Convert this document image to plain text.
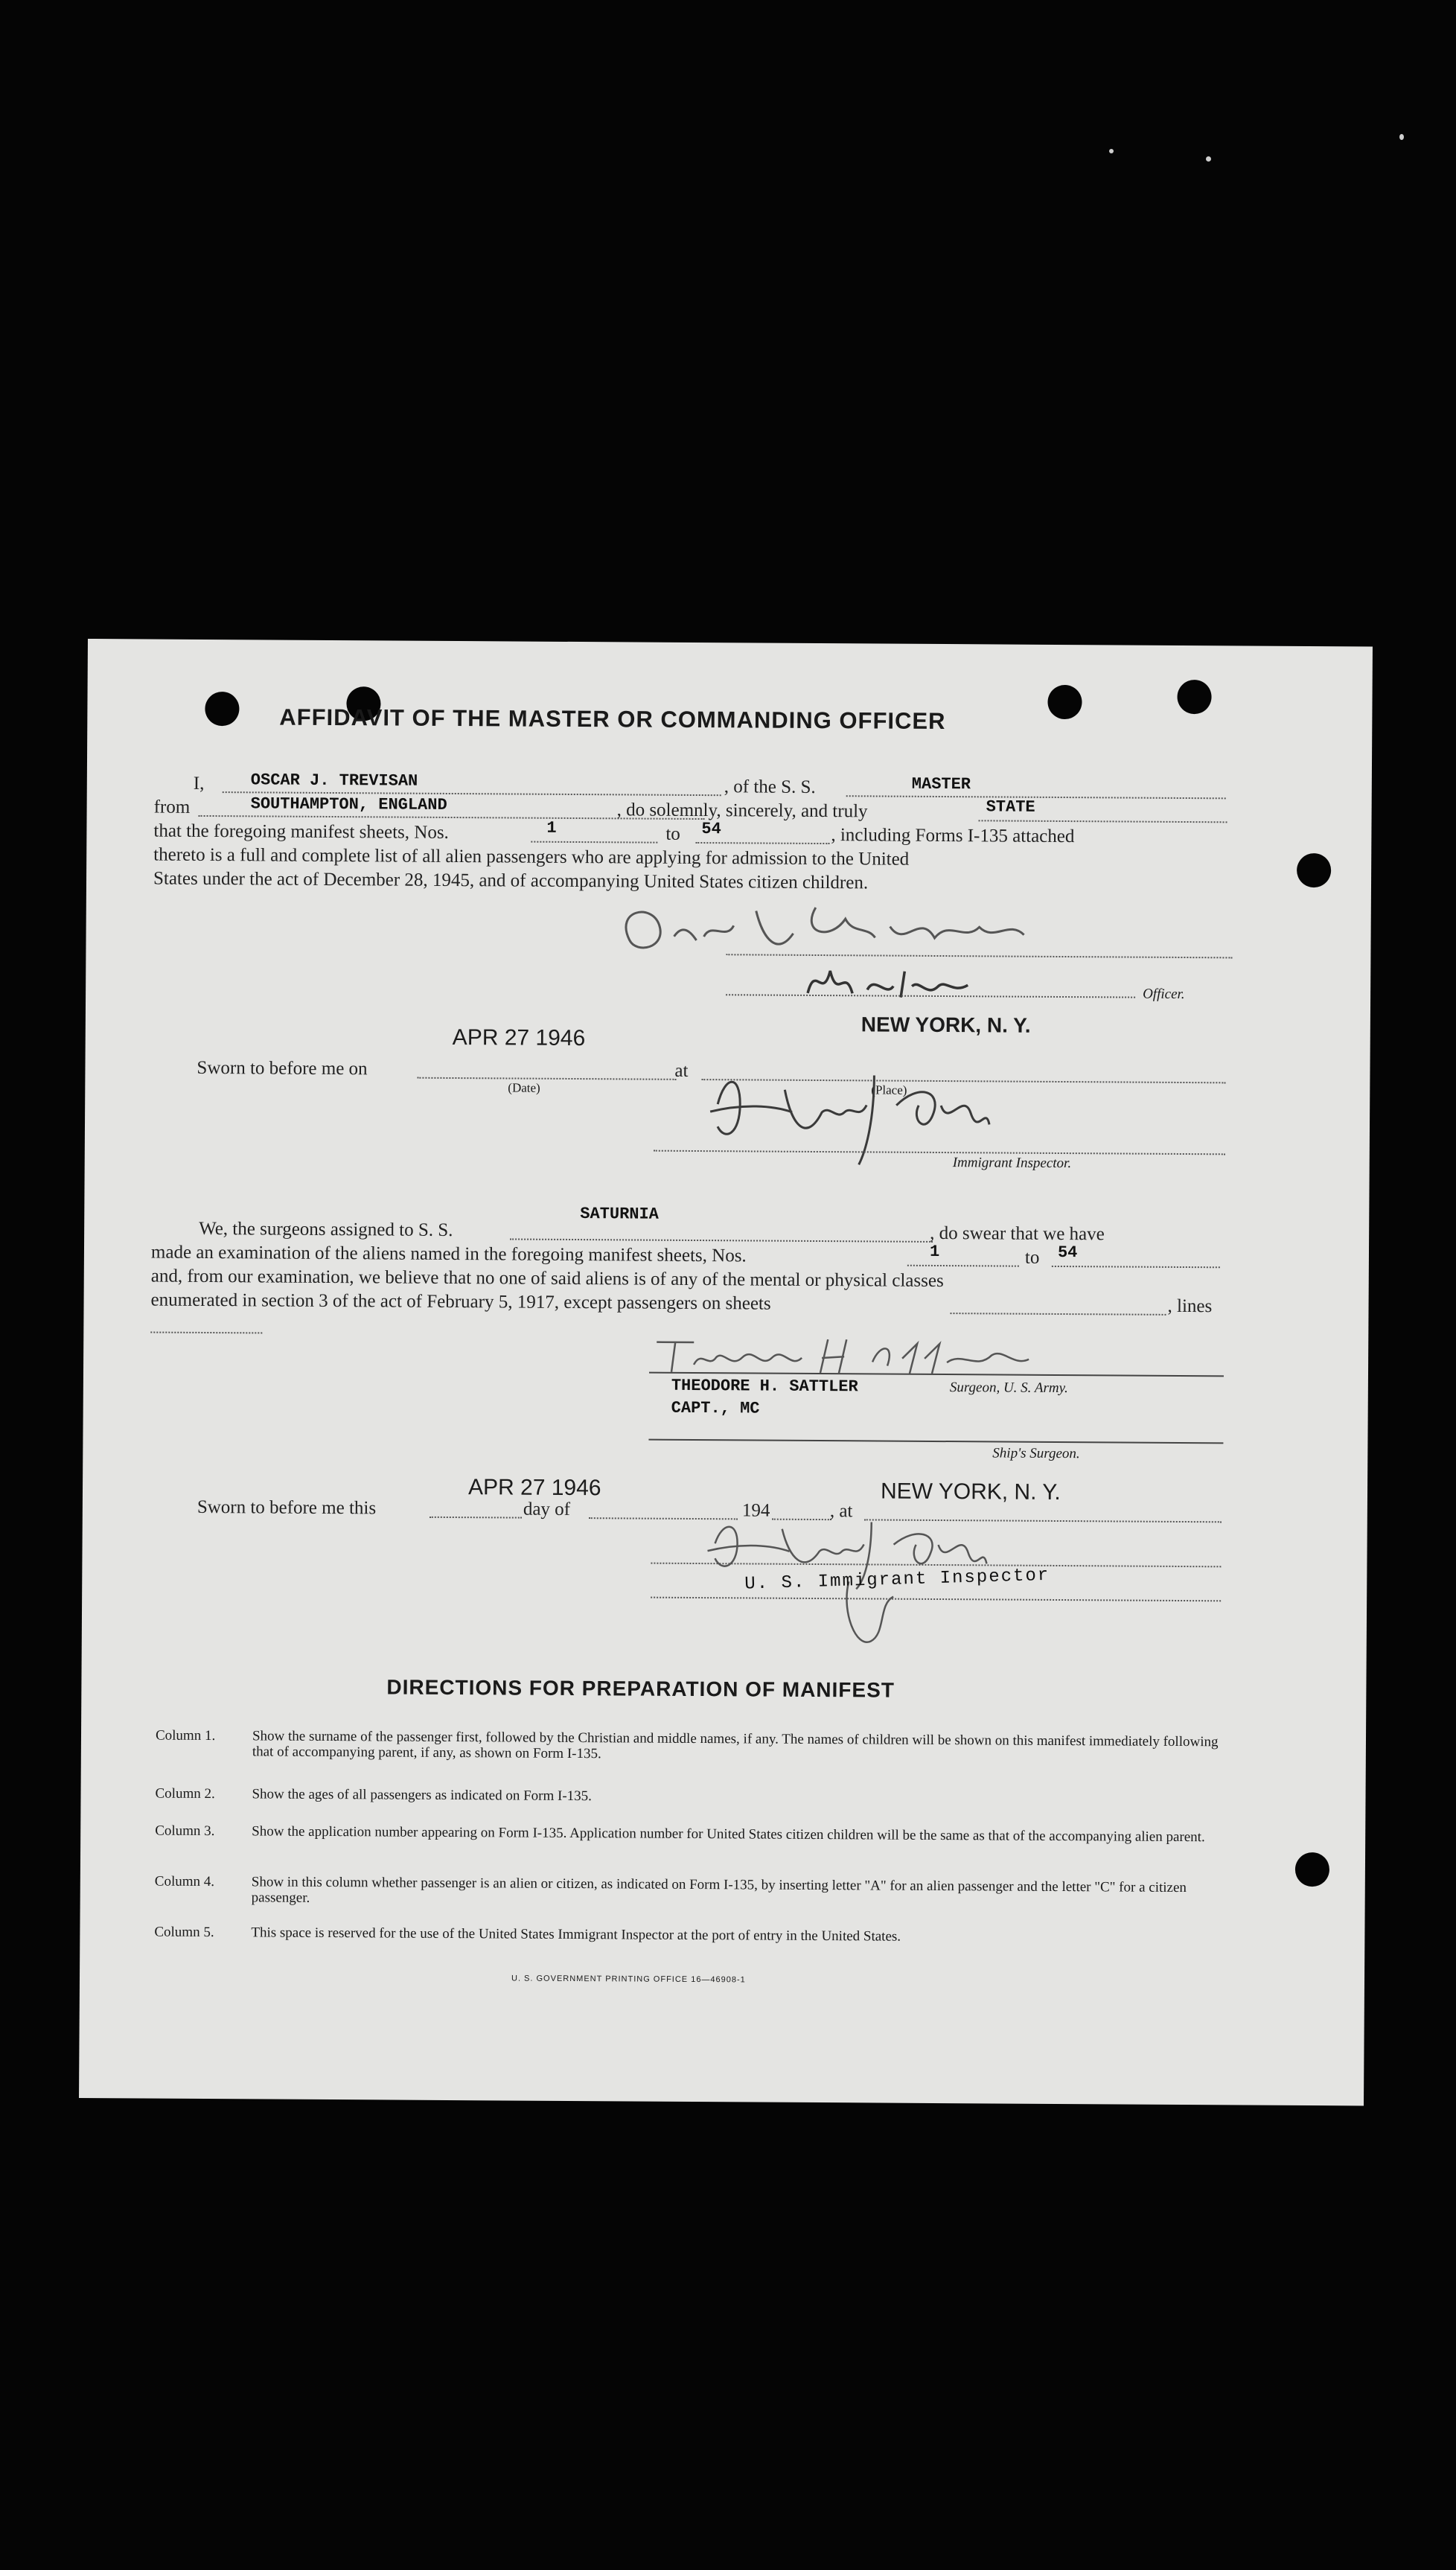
AFFIDAVIT OF THE MASTER OR COMMANDING OFFICER
I,	OSCAR J. TREVISAN	, of the S. S.	MASTER
from	SOUTHAMPTON, ENGLAND	, do solemnly, sincerely, and truly	STATE
that the foregoing manifest sheets, Nos.	1	to 54	, including Forms I-135 attached
thereto is a full and complete list of all alien passengers who are applying for admission to the United
States under the act of December 28, 1945, and of accompanying United States citizen children.
Officer.
APR 27 1946
NEW YORK, N. Y.
Sworn to before me on
(Date)
at
(Place)
Immigrant Inspector.
SATURNIA
We, the surgeons assigned to S. S.	, do swear that we have
made an examination of the aliens named in the foregoing manifest sheets, Nos.	1	to 54
and, from our examination, we believe that no one of said aliens is of any of the mental or physical classes
enumerated in section 3 of the act of February 5, 1917, except passengers on sheets	, lines
THEODORE H. SATTLER	Surgeon, U. S. Army.
CAPT., MC
Ship's Surgeon.
APR 27 1946	NEW YORK, N. Y.
Sworn to before me this	day of	194	, at
U. S. Immigrant Inspector
DIRECTIONS FOR PREPARATION OF MANIFEST
Column 1.	Show the surname of the passenger first, followed by the Christian and middle names, if any. The names of children will be shown on this manifest immediately following that of accompanying parent, if any, as shown on Form I-135.
Column 2.	Show the ages of all passengers as indicated on Form I-135.
Column 3.	Show the application number appearing on Form I-135. Application number for United States citizen children will be the same as that of the accompanying alien parent.
Column 4.	Show in this column whether passenger is an alien or citizen, as indicated on Form I-135, by inserting letter "A" for an alien passenger and the letter "C" for a citizen passenger.
Column 5.	This space is reserved for the use of the United States Immigrant Inspector at the port of entry in the United States.
U. S. GOVERNMENT PRINTING OFFICE 16—46908-1
